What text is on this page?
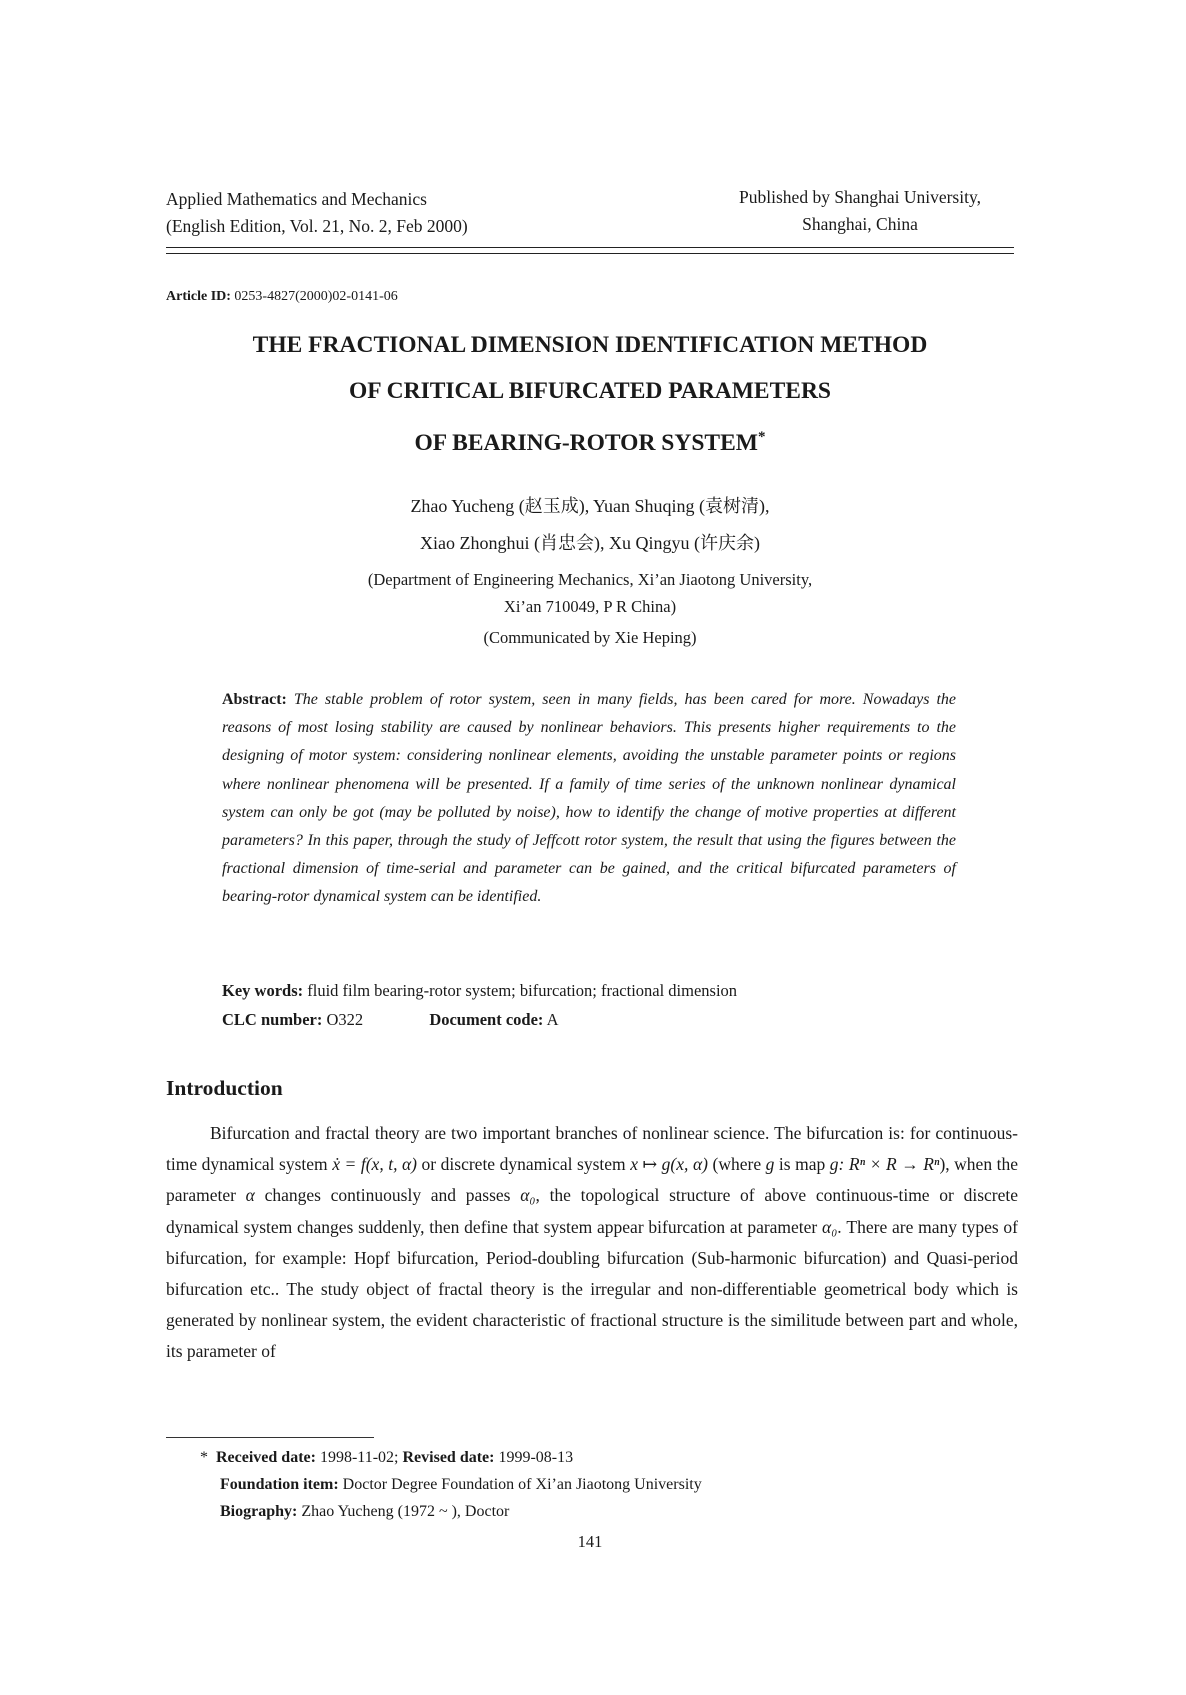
Applied Mathematics and Mechanics
(English Edition, Vol. 21, No. 2, Feb 2000)
Published by Shanghai University,
Shanghai, China
Article ID: 0253-4827(2000)02-0141-06
THE FRACTIONAL DIMENSION IDENTIFICATION METHOD
OF CRITICAL BIFURCATED PARAMETERS
OF BEARING-ROTOR SYSTEM*
Zhao Yucheng (赵玉成), Yuan Shuqing (袁树清),
Xiao Zhonghui (肖忠会), Xu Qingyu (许庆余)
(Department of Engineering Mechanics, Xi’an Jiaotong University,
Xi’an 710049, P R China)
(Communicated by Xie Heping)
Abstract: The stable problem of rotor system, seen in many fields, has been cared for more. Nowadays the reasons of most losing stability are caused by nonlinear behaviors. This presents higher requirements to the designing of motor system: considering nonlinear elements, avoiding the unstable parameter points or regions where nonlinear phenomena will be presented. If a family of time series of the unknown nonlinear dynamical system can only be got (may be polluted by noise), how to identify the change of motive properties at different parameters? In this paper, through the study of Jeffcott rotor system, the result that using the figures between the fractional dimension of time-serial and parameter can be gained, and the critical bifurcated parameters of bearing-rotor dynamical system can be identified.
Key words: fluid film bearing-rotor system; bifurcation; fractional dimension
CLC number: O322	Document code: A
Introduction
Bifurcation and fractal theory are two important branches of nonlinear science. The bifurcation is: for continuous-time dynamical system ẋ = f(x, t, α) or discrete dynamical system x ↦ g(x, α) (where g is map g: Rⁿ × R → Rⁿ), when the parameter α changes continuously and passes α₀, the topological structure of above continuous-time or discrete dynamical system changes suddenly, then define that system appear bifurcation at parameter α₀. There are many types of bifurcation, for example: Hopf bifurcation, Period-doubling bifurcation (Sub-harmonic bifurcation) and Quasi-period bifurcation etc.. The study object of fractal theory is the irregular and non-differentiable geometrical body which is generated by nonlinear system, the evident characteristic of fractional structure is the similitude between part and whole, its parameter of
* Received date: 1998-11-02; Revised date: 1999-08-13
Foundation item: Doctor Degree Foundation of Xi’an Jiaotong University
Biography: Zhao Yucheng (1972 ~ ), Doctor
141
